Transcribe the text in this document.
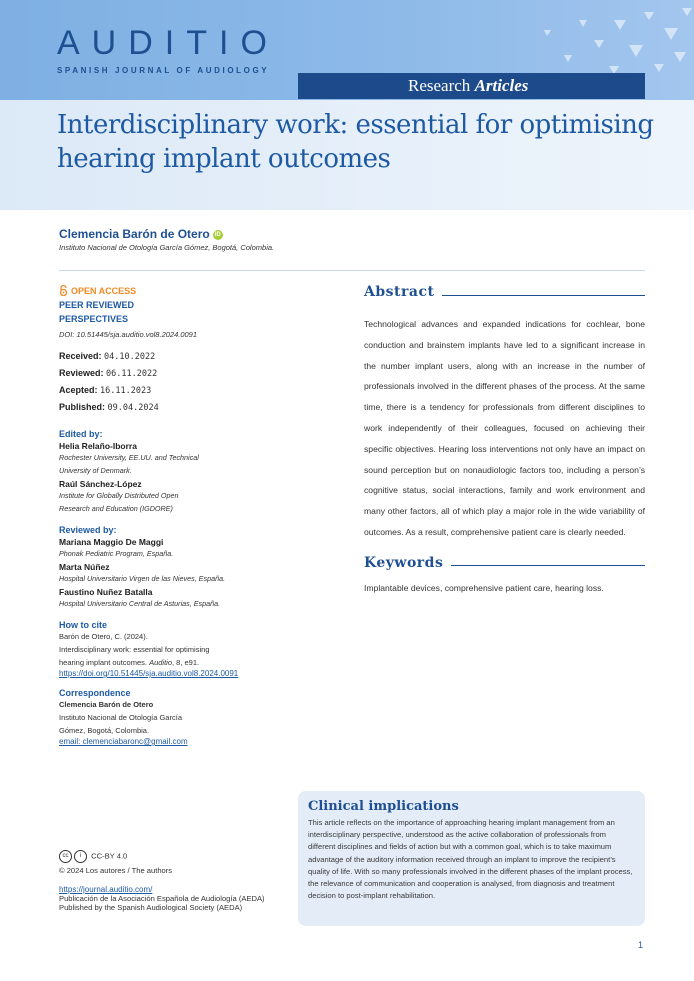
AUDITIO
SPANISH JOURNAL OF AUDIOLOGY
Research Articles
Interdisciplinary work: essential for optimising hearing implant outcomes
Clemencia Barón de Otero iD
Instituto Nacional de Otología García Gómez, Bogotá, Colombia.
OPEN ACCESS
PEER REVIEWED
PERSPECTIVES
DOI: 10.51445/sja.auditio.vol8.2024.0091
Received: 04.10.2022
Reviewed: 06.11.2022
Acepted: 16.11.2023
Published: 09.04.2024
Edited by:
Helia Relaño-Iborra
Rochester University, EE.UU. and Technical University of Denmark.
Raúl Sánchez-López
Institute for Globally Distributed Open Research and Education (IGDORE)
Reviewed by:
Mariana Maggio De Maggi
Phonak Pediatric Program, España.
Marta Núñez
Hospital Universitario Virgen de las Nieves, España.
Faustino Nuñez Batalla
Hospital Universitario Central de Asturias, España.
How to cite
Barón de Otero, C. (2024).
Interdisciplinary work: essential for optimising
hearing implant outcomes. Auditio, 8, e91.
https://doi.org/10.51445/sja.auditio.vol8.2024.0091
Correspondence
Clemencia Barón de Otero
Instituto Nacional de Otología García
Gómez, Bogotá, Colombia.
email: clemenciabaronc@gmail.com
Abstract
Technological advances and expanded indications for cochlear, bone conduction and brainstem implants have led to a significant increase in the number implant users, along with an increase in the number of professionals involved in the different phases of the process. At the same time, there is a tendency for professionals from different disciplines to work independently of their colleagues, focused on achieving their specific objectives. Hearing loss interventions not only have an impact on sound perception but on nonaudiologic factors too, including a person’s cognitive status, social interactions, family and work environment and many other factors, all of which play a major role in the wide variability of outcomes. As a result, comprehensive patient care is clearly needed.
Keywords
Implantable devices, comprehensive patient care, hearing loss.
Clinical implications
This article reflects on the importance of approaching hearing implant management from an interdisciplinary perspective, understood as the active collaboration of professionals from different disciplines and fields of action but with a common goal, which is to take maximum advantage of the auditory information received through an implant to improve the recipient’s quality of life. With so many professionals involved in the different phases of the implant process, the relevance of communication and cooperation is analysed, from diagnosis and treatment decision to post-implant rehabilitation.
cc i CC-BY 4.0
© 2024 Los autores / The authors
https://journal.auditio.com/
Publicación de la Asociación Española de Audiología (AEDA)
Published by the Spanish Audiological Society (AEDA)
1
